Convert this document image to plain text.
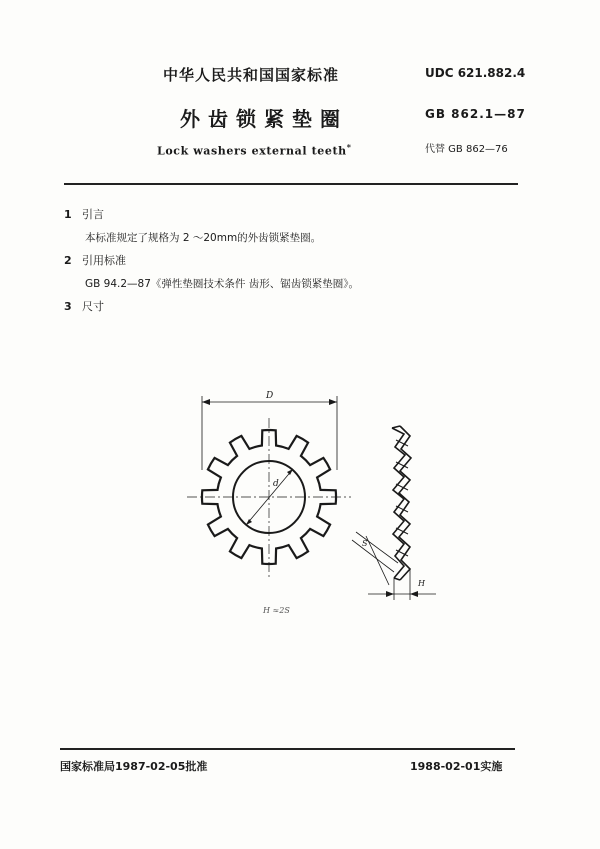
中华人民共和国国家标准
外齿锁紧垫圈
Lock washers external teeth*
UDC 621.882.4
GB 862.1—87
代替 GB 862—76
1 引言
本标准规定了规格为 2 ～20mm的外齿锁紧垫圈。
2 引用标准
GB 94.2—87《弹性垫圈技术条件 齿形、锯齿锁紧垫圈》。
3 尺寸
D
d
S
H
H ≈2S
国家标准局1987-02-05批准	1988-02-01实施
